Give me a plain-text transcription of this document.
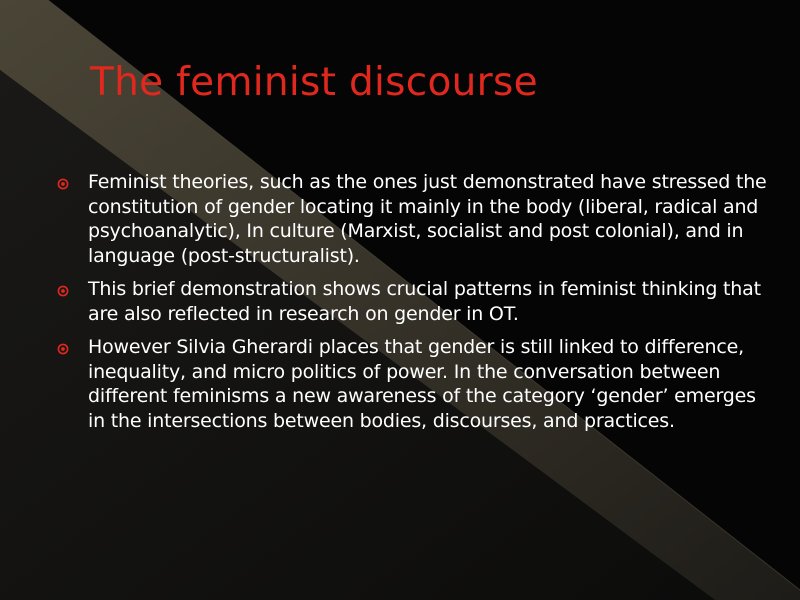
The feminist discourse
Feminist theories, such as the ones just demonstrated have stressed the constitution of gender locating it mainly in the body (liberal, radical and psychoanalytic), In culture (Marxist, socialist and post colonial), and in language (post-structuralist).
This brief demonstration shows crucial patterns in feminist thinking that are also reflected in research on gender in OT.
However Silvia Gherardi places that gender is still linked to difference, inequality, and micro politics of power. In the conversation between different feminisms a new awareness of the category ‘gender’ emerges in the intersections between bodies, discourses, and practices.
